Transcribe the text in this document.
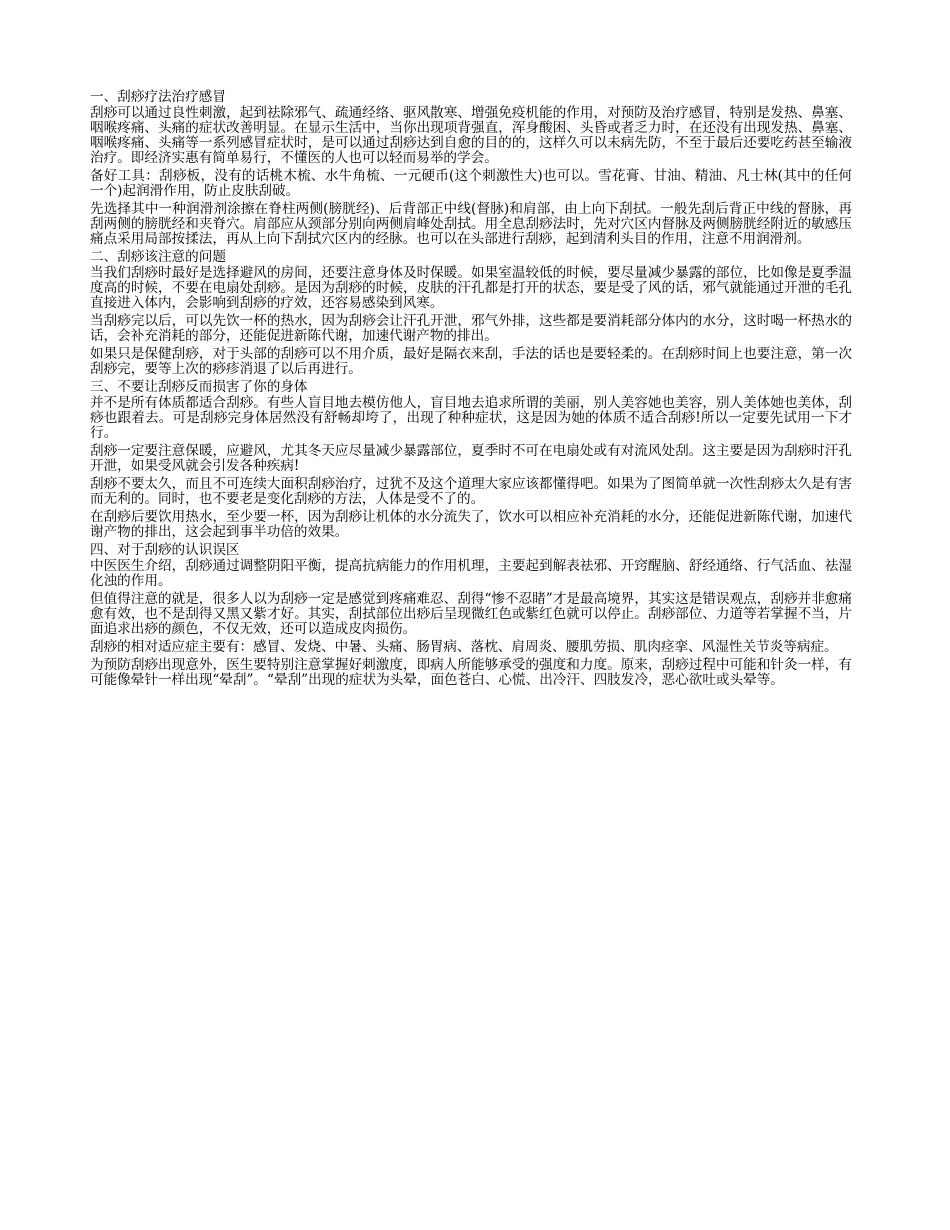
一、刮痧疗法治疗感冒

刮痧可以通过良性刺激，起到祛除邪气、疏通经络、驱风散寒、增强免疫机能的作用，对预防及治疗感冒，特别是发热、鼻塞、咽喉疼痛、头痛的症状改善明显。在显示生活中，当你出现项背强直，浑身酸困、头昏或者乏力时，在还没有出现发热、鼻塞、咽喉疼痛、头痛等一系列感冒症状时，是可以通过刮痧达到自愈的目的的，这样久可以未病先防，不至于最后还要吃药甚至输液治疗。即经济实惠有简单易行，不懂医的人也可以轻而易举的学会。

备好工具：刮痧板，没有的话桃木梳、水牛角梳、一元硬币(这个刺激性大)也可以。雪花膏、甘油、精油、凡士林(其中的任何一个)起润滑作用，防止皮肤刮破。

先选择其中一种润滑剂涂擦在脊柱两侧(膀胱经)、后背部正中线(督脉)和肩部，由上向下刮拭。一般先刮后背正中线的督脉，再刮两侧的膀胱经和夹脊穴。肩部应从颈部分别向两侧肩峰处刮拭。用全息刮痧法时，先对穴区内督脉及两侧膀胱经附近的敏感压痛点采用局部按揉法，再从上向下刮拭穴区内的经脉。也可以在头部进行刮痧，起到清利头目的作用，注意不用润滑剂。

二、刮痧该注意的问题

当我们刮痧时最好是选择避风的房间，还要注意身体及时保暖。如果室温较低的时候，要尽量减少暴露的部位，比如像是夏季温度高的时候，不要在电扇处刮痧。是因为刮痧的时候，皮肤的汗孔都是打开的状态，要是受了风的话，邪气就能通过开泄的毛孔直接进入体内，会影响到刮痧的疗效，还容易感染到风寒。

当刮痧完以后，可以先饮一杯的热水，因为刮痧会让汗孔开泄，邪气外排，这些都是要消耗部分体内的水分，这时喝一杯热水的话，会补充消耗的部分，还能促进新陈代谢，加速代谢产物的排出。

如果只是保健刮痧，对于头部的刮痧可以不用介质，最好是隔衣来刮，手法的话也是要轻柔的。在刮痧时间上也要注意，第一次刮痧完，要等上次的痧疹消退了以后再进行。

三、不要让刮痧反而损害了你的身体

并不是所有体质都适合刮痧。有些人盲目地去模仿他人，盲目地去追求所谓的美丽，别人美容她也美容，别人美体她也美体，刮痧也跟着去。可是刮痧完身体居然没有舒畅却垮了，出现了种种症状，这是因为她的体质不适合刮痧!所以一定要先试用一下才行。

刮痧一定要注意保暖，应避风，尤其冬天应尽量减少暴露部位，夏季时不可在电扇处或有对流风处刮。这主要是因为刮痧时汗孔开泄，如果受风就会引发各种疾病!

刮痧不要太久，而且不可连续大面积刮痧治疗，过犹不及这个道理大家应该都懂得吧。如果为了图简单就一次性刮痧太久是有害而无利的。同时，也不要老是变化刮痧的方法，人体是受不了的。

在刮痧后要饮用热水，至少要一杯，因为刮痧让机体的水分流失了，饮水可以相应补充消耗的水分，还能促进新陈代谢，加速代谢产物的排出，这会起到事半功倍的效果。

四、对于刮痧的认识误区

中医医生介绍，刮痧通过调整阴阳平衡，提高抗病能力的作用机理，主要起到解表祛邪、开窍醒脑、舒经通络、行气活血、祛湿化浊的作用。

但值得注意的就是，很多人以为刮痧一定是感觉到疼痛难忍、刮得“惨不忍睹”才是最高境界，其实这是错误观点，刮痧并非愈痛愈有效，也不是刮得又黑又紫才好。其实，刮拭部位出痧后呈现微红色或紫红色就可以停止。刮痧部位、力道等若掌握不当，片面追求出痧的颜色，不仅无效，还可以造成皮肉损伤。

刮痧的相对适应症主要有：感冒、发烧、中暑、头痛、肠胃病、落枕、肩周炎、腰肌劳损、肌肉痉挛、风湿性关节炎等病症。

为预防刮痧出现意外，医生要特别注意掌握好刺激度，即病人所能够承受的强度和力度。原来，刮痧过程中可能和针灸一样，有可能像晕针一样出现“晕刮”。“晕刮”出现的症状为头晕，面色苍白、心慌、出冷汗、四肢发冷，恶心欲吐或头晕等。
